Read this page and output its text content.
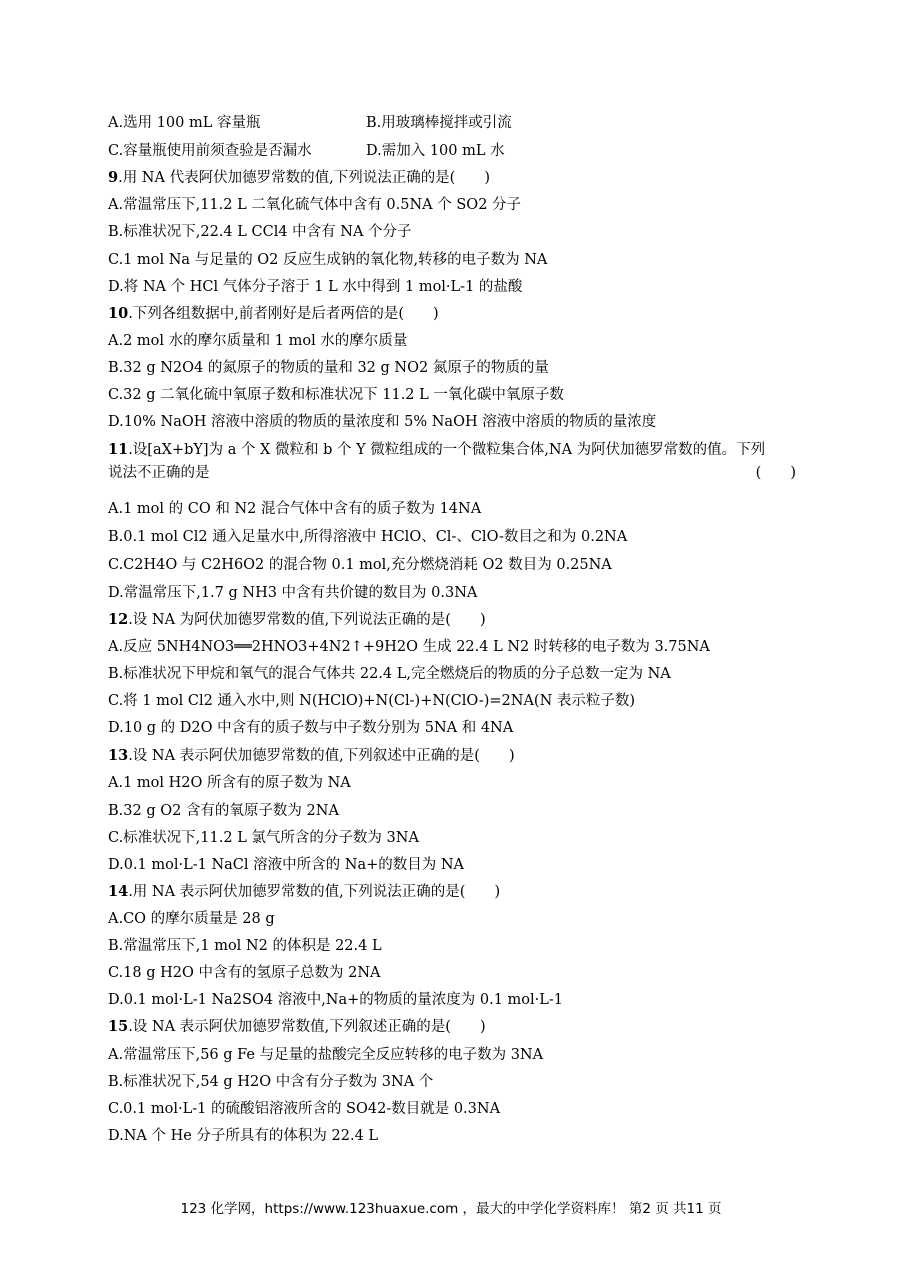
A.选用 100 mL 容量瓶	B.用玻璃棒搅拌或引流
C.容量瓶使用前须查验是否漏水	D.需加入 100 mL 水
9.用 NA 代表阿伏加德罗常数的值,下列说法正确的是(　　)
A.常温常压下,11.2 L 二氧化硫气体中含有 0.5NA 个 SO2 分子
B.标准状况下,22.4 L CCl4 中含有 NA 个分子
C.1 mol Na 与足量的 O2 反应生成钠的氧化物,转移的电子数为 NA
D.将 NA 个 HCl 气体分子溶于 1 L 水中得到 1 mol·L-1 的盐酸
10.下列各组数据中,前者刚好是后者两倍的是(　　)
A.2 mol 水的摩尔质量和 1 mol 水的摩尔质量
B.32 g N2O4 的氮原子的物质的量和 32 g NO2 氮原子的物质的量
C.32 g 二氧化硫中氧原子数和标准状况下 11.2 L 一氧化碳中氧原子数
D.10% NaOH 溶液中溶质的物质的量浓度和 5% NaOH 溶液中溶质的物质的量浓度
11.设[aX+bY]为 a 个 X 微粒和 b 个 Y 微粒组成的一个微粒集合体,NA 为阿伏加德罗常数的值。下列
说法不正确的是	(　　)
A.1 mol 的 CO 和 N2 混合气体中含有的质子数为 14NA
B.0.1 mol Cl2 通入足量水中,所得溶液中 HClO、Cl-、ClO-数目之和为 0.2NA
C.C2H4O 与 C2H6O2 的混合物 0.1 mol,充分燃烧消耗 O2 数目为 0.25NA
D.常温常压下,1.7 g NH3 中含有共价键的数目为 0.3NA
12.设 NA 为阿伏加德罗常数的值,下列说法正确的是(　　)
A.反应 5NH4NO3══2HNO3+4N2↑+9H2O 生成 22.4 L N2 时转移的电子数为 3.75NA
B.标准状况下甲烷和氧气的混合气体共 22.4 L,完全燃烧后的物质的分子总数一定为 NA
C.将 1 mol Cl2 通入水中,则 N(HClO)+N(Cl-)+N(ClO-)=2NA(N 表示粒子数)
D.10 g 的 D2O 中含有的质子数与中子数分别为 5NA 和 4NA
13.设 NA 表示阿伏加德罗常数的值,下列叙述中正确的是(　　)
A.1 mol H2O 所含有的原子数为 NA
B.32 g O2 含有的氧原子数为 2NA
C.标准状况下,11.2 L 氯气所含的分子数为 3NA
D.0.1 mol·L-1 NaCl 溶液中所含的 Na+的数目为 NA
14.用 NA 表示阿伏加德罗常数的值,下列说法正确的是(　　)
A.CO 的摩尔质量是 28 g
B.常温常压下,1 mol N2 的体积是 22.4 L
C.18 g H2O 中含有的氢原子总数为 2NA
D.0.1 mol·L-1 Na2SO4 溶液中,Na+的物质的量浓度为 0.1 mol·L-1
15.设 NA 表示阿伏加德罗常数值,下列叙述正确的是(　　)
A.常温常压下,56 g Fe 与足量的盐酸完全反应转移的电子数为 3NA
B.标准状况下,54 g H2O 中含有分子数为 3NA 个
C.0.1 mol·L-1 的硫酸铝溶液所含的 SO42-数目就是 0.3NA
D.NA 个 He 分子所具有的体积为 22.4 L
123 化学网，https://www.123huaxue.com ，最大的中学化学资料库！ 第2 页 共11 页
